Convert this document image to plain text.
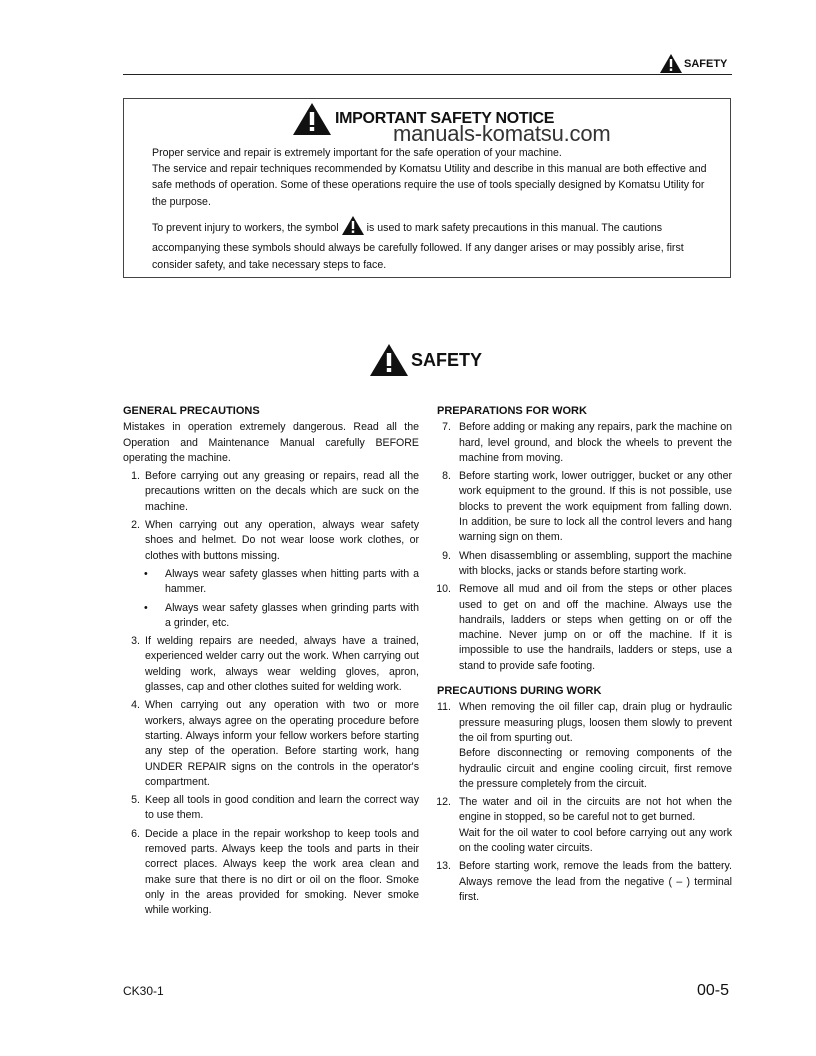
SAFETY
IMPORTANT SAFETY NOTICE
manuals-komatsu.com
Proper service and repair is extremely important for the safe operation of your machine.
The service and repair techniques recommended by Komatsu Utility and describe in this manual are both effective and safe methods of operation. Some of these operations require the use of tools specially designed by Komatsu Utility for the purpose.
To prevent injury to workers, the symbol	is used to mark safety precautions in this manual. The cautions accompanying these symbols should always be carefully followed. If any danger arises or may possibly arise, first consider safety, and take necessary steps to face.
SAFETY
GENERAL PRECAUTIONS
Mistakes in operation extremely dangerous. Read all the Operation and Maintenance Manual carefully BEFORE operating the machine.
1. Before carrying out any greasing or repairs, read all the precautions written on the decals which are suck on the machine.
2. When carrying out any operation, always wear safety shoes and helmet. Do not wear loose work clothes, or clothes with buttons missing.
• Always wear safety glasses when hitting parts with a hammer.
• Always wear safety glasses when grinding parts with a grinder, etc.
3. If welding repairs are needed, always have a trained, experienced welder carry out the work. When carrying out welding work, always wear welding gloves, apron, glasses, cap and other clothes suited for welding work.
4. When carrying out any operation with two or more workers, always agree on the operating procedure before starting. Always inform your fellow workers before starting any step of the operation. Before starting work, hang UNDER REPAIR signs on the controls in the operator's compartment.
5. Keep all tools in good condition and learn the correct way to use them.
6. Decide a place in the repair workshop to keep tools and removed parts. Always keep the tools and parts in their correct places. Always keep the work area clean and make sure that there is no dirt or oil on the floor. Smoke only in the areas provided for smoking. Never smoke while working.
PREPARATIONS FOR WORK
7. Before adding or making any repairs, park the machine on hard, level ground, and block the wheels to prevent the machine from moving.
8. Before starting work, lower outrigger, bucket or any other work equipment to the ground. If this is not possible, use blocks to prevent the work equipment from falling down. In addition, be sure to lock all the control levers and hang warning sign on them.
9. When disassembling or assembling, support the machine with blocks, jacks or stands before starting work.
10. Remove all mud and oil from the steps or other places used to get on and off the machine. Always use the handrails, ladders or steps when getting on or off the machine. Never jump on or off the machine. If it is impossible to use the handrails, ladders or steps, use a stand to provide safe footing.
PRECAUTIONS DURING WORK
11. When removing the oil filler cap, drain plug or hydraulic pressure measuring plugs, loosen them slowly to prevent the oil from spurting out.
Before disconnecting or removing components of the hydraulic circuit and engine cooling circuit, first remove the pressure completely from the circuit.
12. The water and oil in the circuits are not hot when the engine in stopped, so be careful not to get burned.
Wait for the oil water to cool before carrying out any work on the cooling water circuits.
13. Before starting work, remove the leads from the battery. Always remove the lead from the negative ( – ) terminal first.
CK30-1	00-5
